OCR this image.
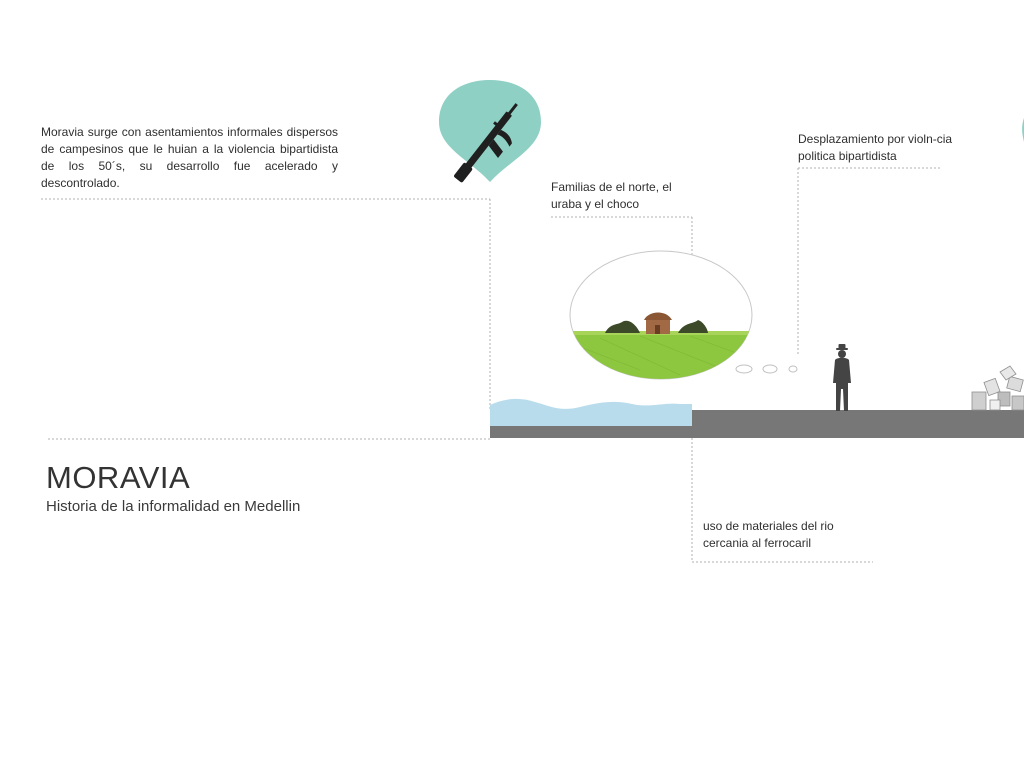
Moravia surge con asentamientos informales dispersos de campesinos que le huian a la violencia bipartidista de los 50´s, su desarrollo fue acelerado y descontrolado.	Familias de el norte, el uraba y el choco
Desplazamiento por violn-cia politica bipartidista
uso de materiales del rio cercania al ferrocaril
MORAVIA
Historia de la informalidad en Medellin
